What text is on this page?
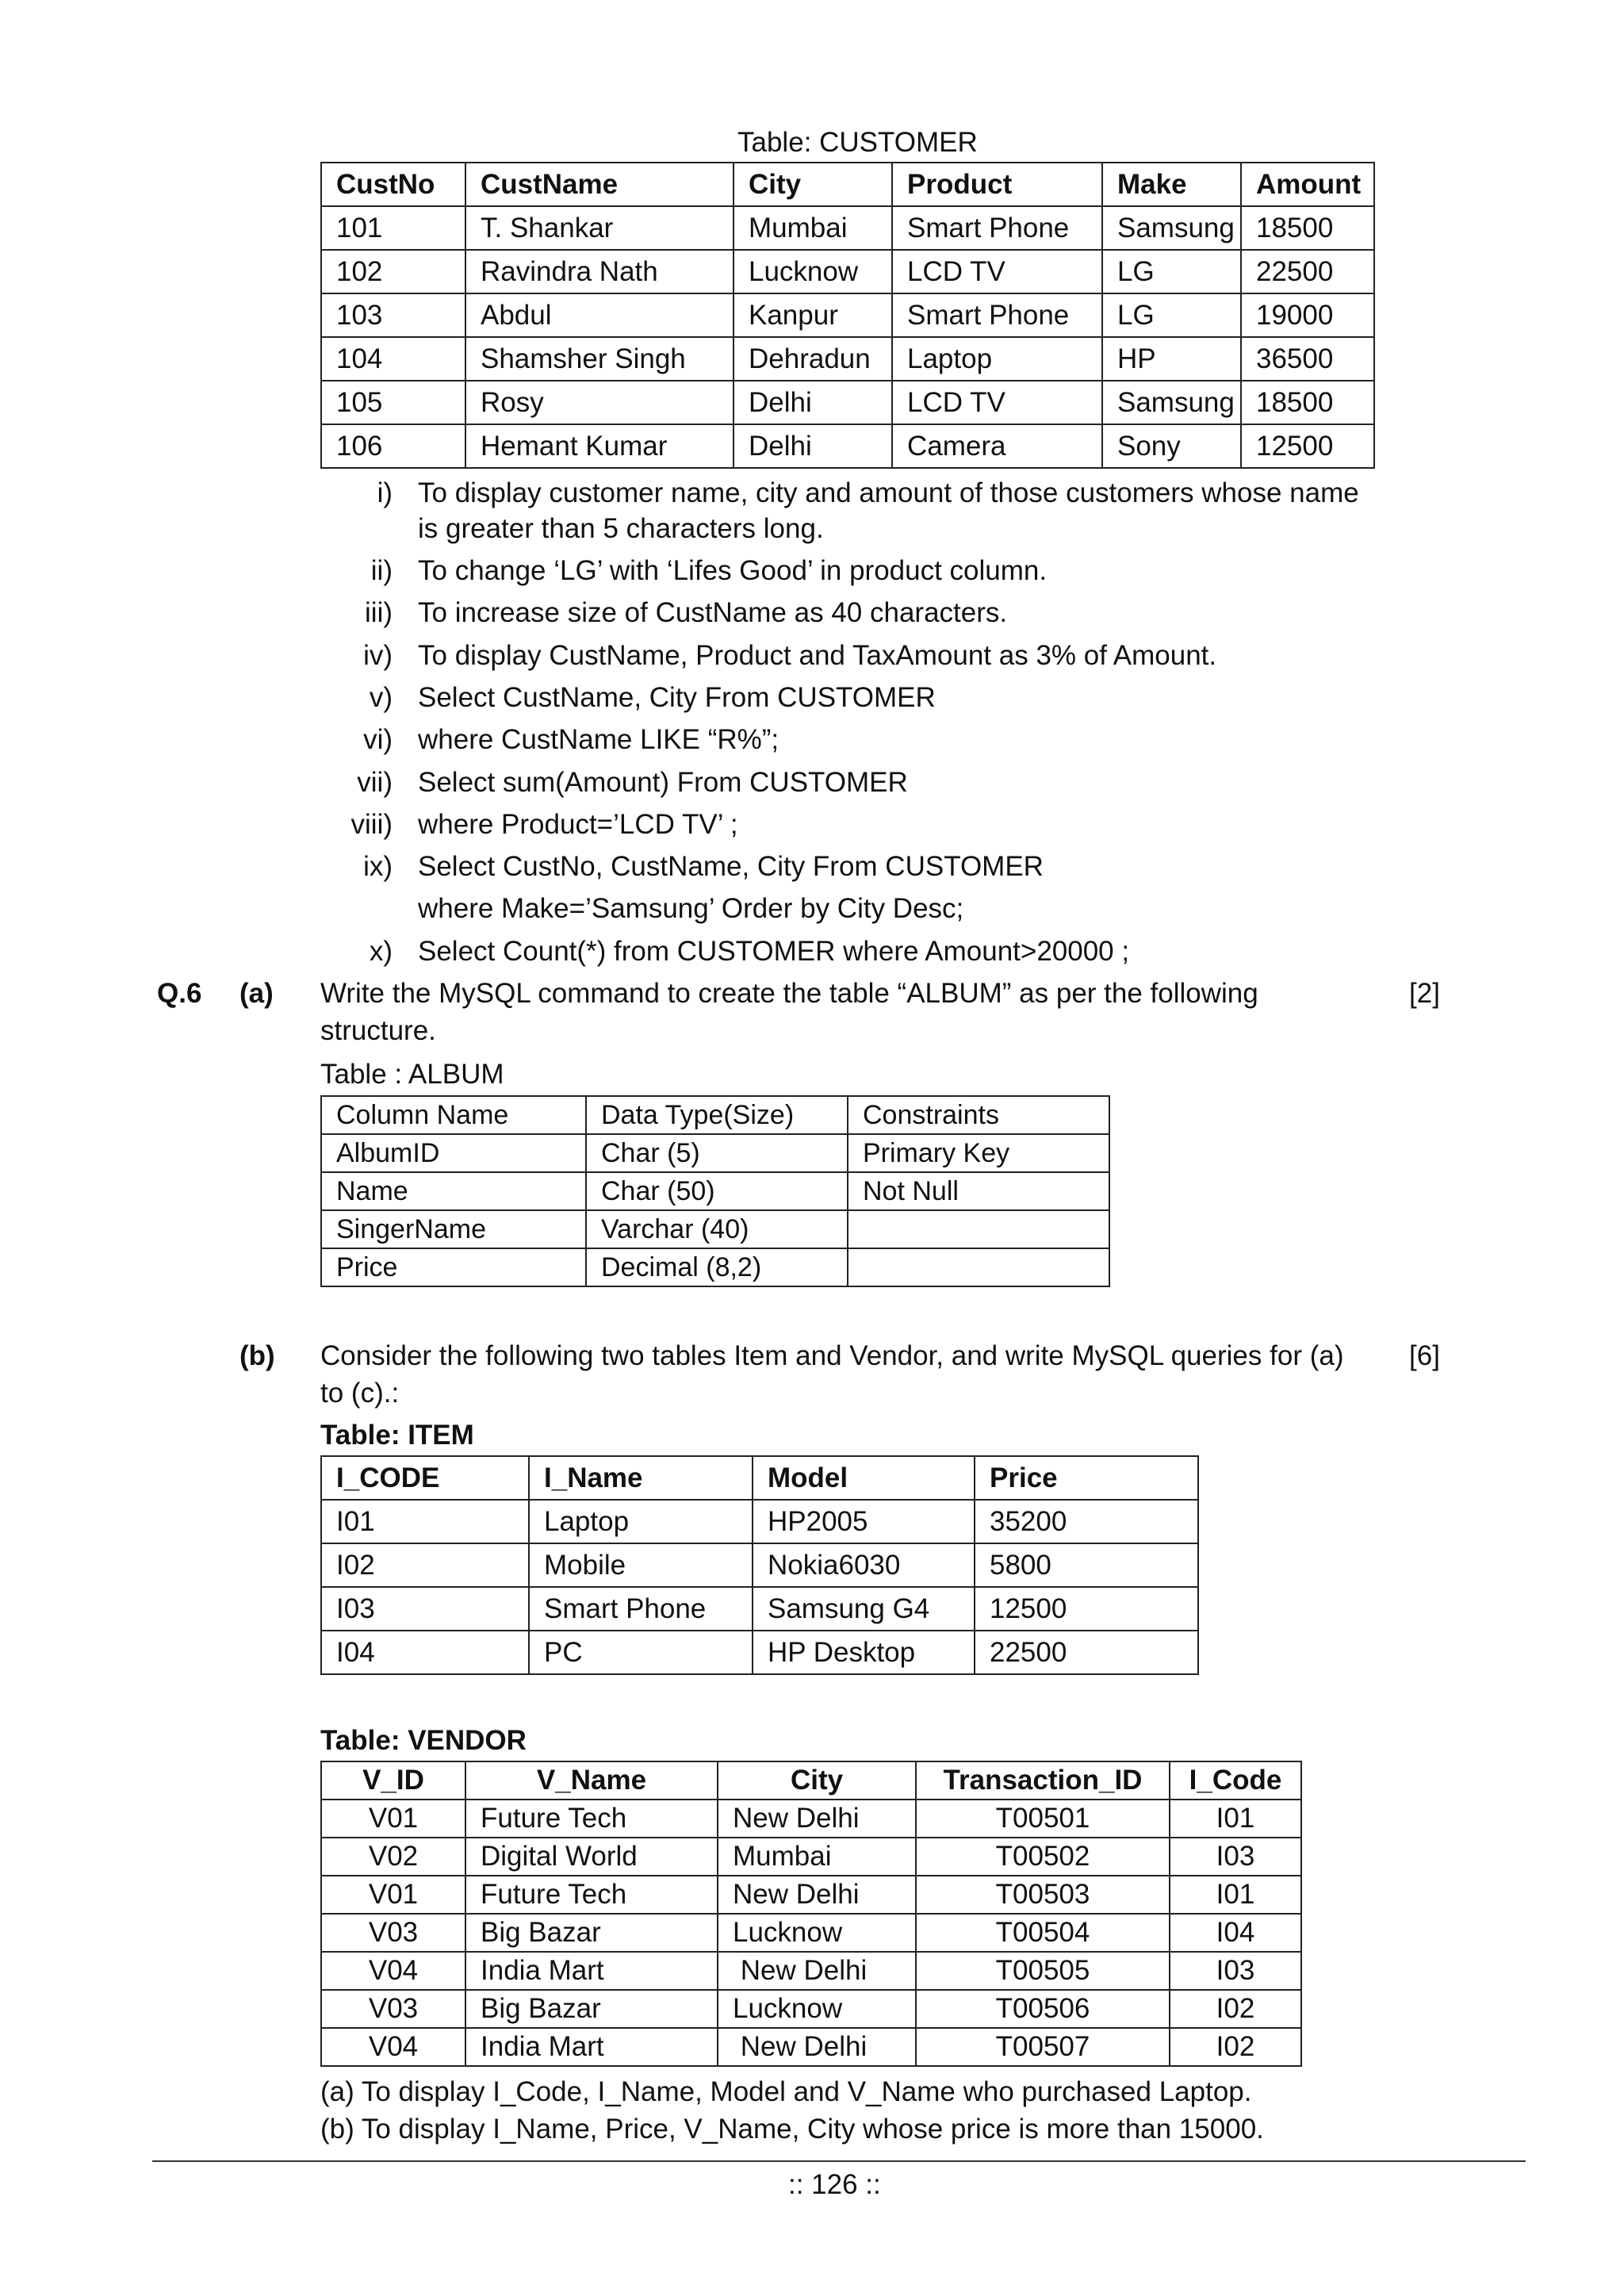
Table: CUSTOMER
CustNo	CustName	City	Product	Make	Amount
101	T. Shankar	Mumbai	Smart Phone	Samsung	18500
102	Ravindra Nath	Lucknow	LCD TV	LG	22500
103	Abdul	Kanpur	Smart Phone	LG	19000
104	Shamsher Singh	Dehradun	Laptop	HP	36500
105	Rosy	Delhi	LCD TV	Samsung	18500
106	Hemant Kumar	Delhi	Camera	Sony	12500
i) To display customer name, city and amount of those customers whose name
is greater than 5 characters long.
ii) To change ‘LG’ with ‘Lifes Good’ in product column.
iii) To increase size of CustName as 40 characters.
iv) To display CustName, Product and TaxAmount as 3% of Amount.
v) Select CustName, City From CUSTOMER
vi) where CustName LIKE “R%”;
vii) Select sum(Amount) From CUSTOMER
viii) where Product=’LCD TV’ ;
ix) Select CustNo, CustName, City From CUSTOMER
where Make=’Samsung’ Order by City Desc;
x) Select Count(*) from CUSTOMER where Amount>20000 ;
Q.6 (a) Write the MySQL command to create the table “ALBUM” as per the following
structure.
[2]
Table : ALBUM
Column Name	Data Type(Size)	Constraints
AlbumID	Char (5)	Primary Key
Name	Char (50)	Not Null
SingerName	Varchar (40)	
Price	Decimal (8,2)	
(b) Consider the following two tables Item and Vendor, and write MySQL queries for (a)
to (c).:
[6]
Table: ITEM
I_CODE	I_Name	Model	Price
I01	Laptop	HP2005	35200
I02	Mobile	Nokia6030	5800
I03	Smart Phone	Samsung G4	12500
I04	PC	HP Desktop	22500
Table: VENDOR
V_ID	V_Name	City	Transaction_ID	I_Code
V01	Future Tech	New Delhi	T00501	I01
V02	Digital World	Mumbai	T00502	I03
V01	Future Tech	New Delhi	T00503	I01
V03	Big Bazar	Lucknow	T00504	I04
V04	India Mart	New Delhi	T00505	I03
V03	Big Bazar	Lucknow	T00506	I02
V04	India Mart	New Delhi	T00507	I02
(a) To display I_Code, I_Name, Model and V_Name who purchased Laptop.
(b) To display I_Name, Price, V_Name, City whose price is more than 15000.
:: 126 ::
